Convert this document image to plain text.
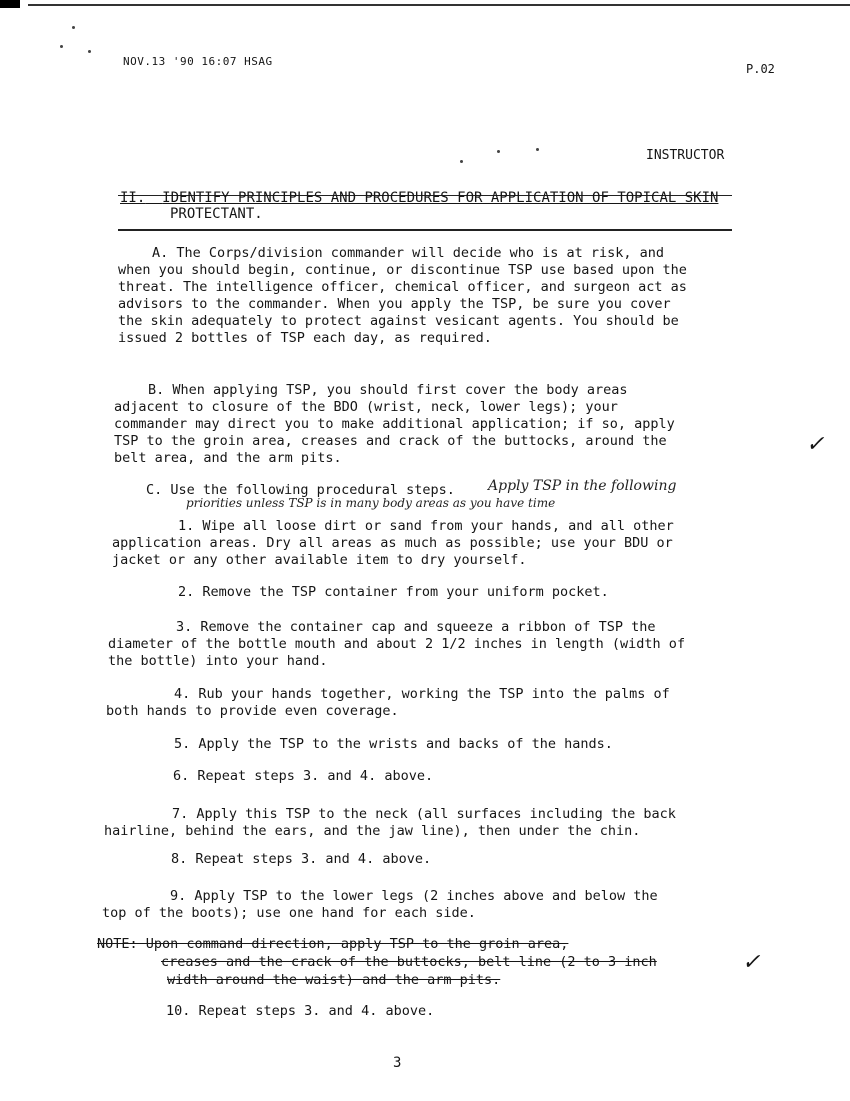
NOV.13 '90 16:07 HSAG
P.02
INSTRUCTOR
II. IDENTIFY PRINCIPLES AND PROCEDURES FOR APPLICATION OF TOPICAL SKIN
PROTECTANT.
A. The Corps/division commander will decide who is at risk, and
when you should begin, continue, or discontinue TSP use based upon the
threat. The intelligence officer, chemical officer, and surgeon act as
advisors to the commander. When you apply the TSP, be sure you cover
the skin adequately to protect against vesicant agents. You should be
issued 2 bottles of TSP each day, as required.
B. When applying TSP, you should first cover the body areas
adjacent to closure of the BDO (wrist, neck, lower legs); your
commander may direct you to make additional application; if so, apply
TSP to the groin area, creases and crack of the buttocks, around the
belt area, and the arm pits.
✓
C. Use the following procedural steps. Apply TSP in the following
priorities unless TSP is in many body areas as you have time
1. Wipe all loose dirt or sand from your hands, and all other
application areas. Dry all areas as much as possible; use your BDU or
jacket or any other available item to dry yourself.
2. Remove the TSP container from your uniform pocket.
3. Remove the container cap and squeeze a ribbon of TSP the
diameter of the bottle mouth and about 2 1/2 inches in length (width of
the bottle) into your hand.
4. Rub your hands together, working the TSP into the palms of
both hands to provide even coverage.
5. Apply the TSP to the wrists and backs of the hands.
6. Repeat steps 3. and 4. above.
7. Apply this TSP to the neck (all surfaces including the back
hairline, behind the ears, and the jaw line), then under the chin.
8. Repeat steps 3. and 4. above.
9. Apply TSP to the lower legs (2 inches above and below the
top of the boots); use one hand for each side.
NOTE: Upon command direction, apply TSP to the groin area,
creases and the crack of the buttocks, belt line (2 to 3 inch
width around the waist) and the arm pits.
✓
10. Repeat steps 3. and 4. above.
3
